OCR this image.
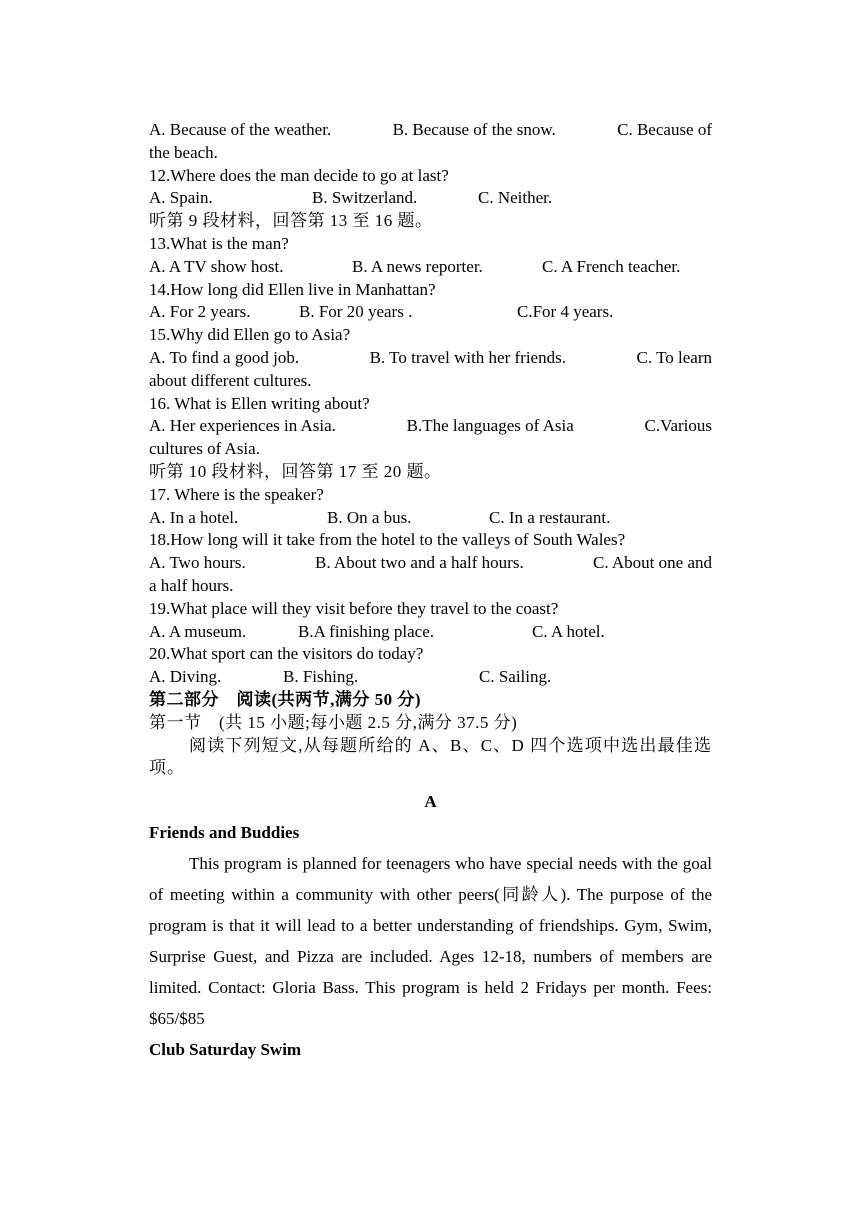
A. Because of the weather.	B. Because of the snow.	C. Because of
the beach.
12.Where does the man decide to go at last?
A. Spain.	B. Switzerland.	C. Neither.
听第 9 段材料，回答第 13 至 16 题。
13.What is the man?
A. A TV show host.	B. A news reporter.	C. A French teacher.
14.How long did Ellen live in Manhattan?
A. For 2 years.	B. For 20 years .	C.For 4 years.
15.Why did Ellen go to Asia?
A. To find a good job.	B. To travel with her friends.	C. To learn
about different cultures.
16. What is Ellen writing about?
A. Her experiences in Asia.	B.The languages of Asia	C.Various
cultures of Asia.
听第 10 段材料，回答第 17 至 20 题。
17. Where is the speaker?
A. In a hotel.	B. On a bus.	C. In a restaurant.
18.How long will it take from the hotel to the valleys of South Wales?
A. Two hours.	B. About two and a half hours.	C. About one and
a half hours.
19.What place will they visit before they travel to the coast?
A. A museum.	B.A finishing place.	C. A hotel.
20.What sport can the visitors do today?
A. Diving.	B. Fishing.	C. Sailing.
第二部分　阅读(共两节,满分 50 分)
第一节　(共 15 小题;每小题 2.5 分,满分 37.5 分)
阅读下列短文,从每题所给的 A、B、C、D 四个选项中选出最佳选项。
A
Friends and Buddies
This program is planned for teenagers who have special needs with the goal of meeting within a community with other peers(同龄人). The purpose of the program is that it will lead to a better understanding of friendships. Gym, Swim, Surprise Guest, and Pizza are included. Ages 12-18, numbers of members are limited. Contact: Gloria Bass. This program is held 2 Fridays per month. Fees: $65/$85
Club Saturday Swim
